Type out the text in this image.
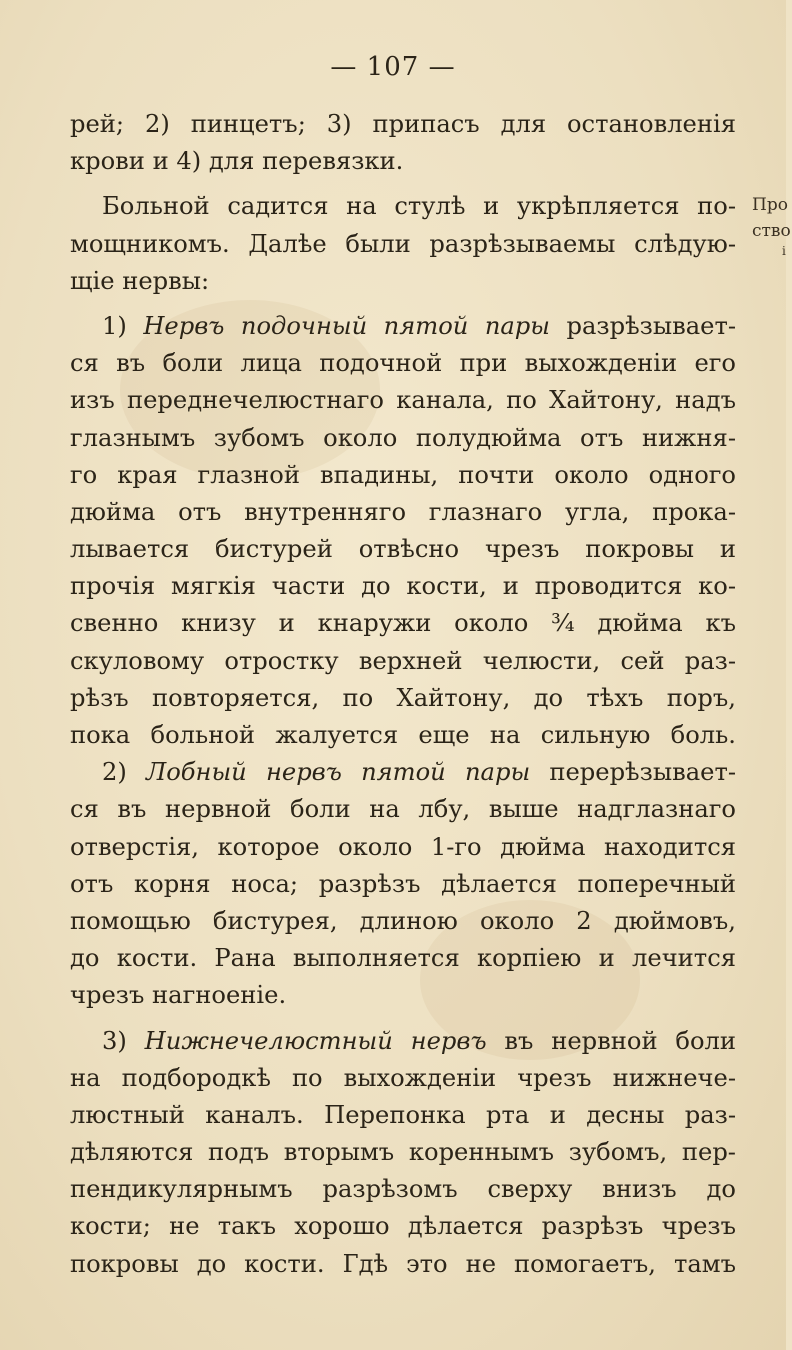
— 107 —
рей; 2) пинцетъ; 3) припасъ для остановленія
крови и 4) для перевязки.
Больной садится на стулѣ и укрѣпляется по-
мощникомъ. Далѣе были разрѣзываемы слѣдую-
щіе нервы:
1) Нервъ подочный пятой пары разрѣзывает-
ся въ боли лица подочной при выхожденіи его
изъ переднечелюстнаго канала, по Хайтону, надъ
глазнымъ зубомъ около полудюйма отъ нижня-
го края глазной впадины, почти около одного
дюйма отъ внутренняго глазнаго угла, прока-
лывается бистурей отвѣсно чрезъ покровы и
прочія мягкія части до кости, и проводится ко-
свенно книзу и кнаружи около ¾ дюйма къ
скуловому отростку верхней челюсти, сей раз-
рѣзъ повторяется, по Хайтону, до тѣхъ поръ,
пока больной жалуется еще на сильную боль.
2) Лобный нервъ пятой пары перерѣзывает-
ся въ нервной боли на лбу, выше надглазнаго
отверстія, которое около 1-го дюйма находится
отъ корня носа; разрѣзъ дѣлается поперечный
помощью бистурея, длиною около 2 дюймовъ,
до кости. Рана выполняется корпіею и лечится
чрезъ нагноеніе.
3) Нижнечелюстный нервъ въ нервной боли
на подбородкѣ по выхожденіи чрезъ нижнече-
люстный каналъ. Перепонка рта и десны раз-
дѣляются подъ вторымъ кореннымъ зубомъ, пер-
пендикулярнымъ разрѣзомъ сверху внизъ до
кости; не такъ хорошо дѣлается разрѣзъ чрезъ
покровы до кости. Гдѣ это не помогаетъ, тамъ
Про
ство
і
